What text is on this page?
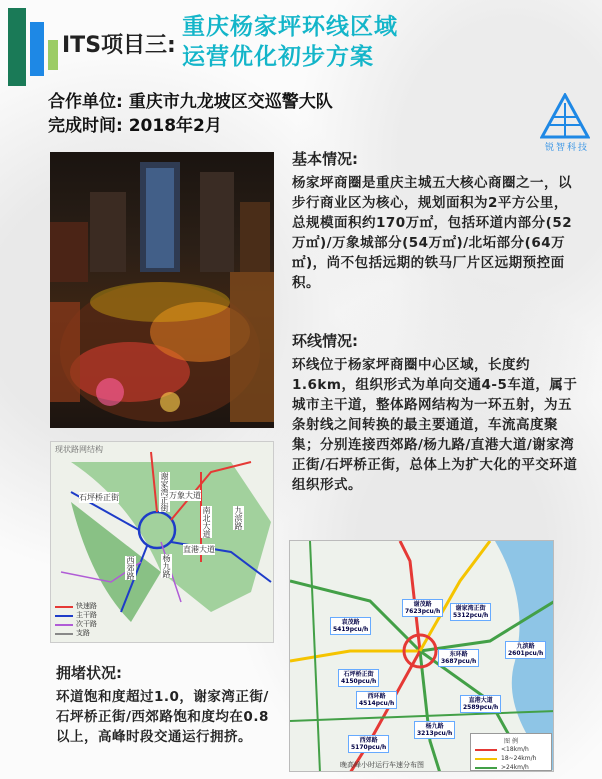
ITS项目三:
重庆杨家坪环线区域
运营优化初步方案
合作单位: 重庆市九龙坡区交巡警大队
完成时间: 2018年2月
锐智科技
现状路网结构
石坪桥正街	谢家湾正街 万象大道
南北大道	九滨路
直港大道
西郊路	杨九路
快速路
主干路
次干路
支路
基本情况:
杨家坪商圈是重庆主城五大核心商圈之一，以步行商业区为核心，规划面积为2平方公里，总规模面积约170万㎡，包括环道内部分(52万㎡)/万象城部分(54万㎡)/北坧部分(64万㎡)，尚不包括远期的铁马厂片区远期预控面积。
环线情况:
环线位于杨家坪商圈中心区域，长度约1.6km，组织形式为单向交通4-5车道，属于城市主干道，整体路网结构为一环五射，为五条射线之间转换的最主要通道，车流高度聚集；分别连接西郊路/杨九路/直港大道/谢家湾正街/石坪桥正街，总体上为扩大化的平交环道组织形式。
拥堵状况:
环道饱和度超过1.0，谢家湾正街/石坪桥正街/西郊路饱和度均在0.8以上，高峰时段交通运行拥挤。
袁茂路
5419pcu/h
谢茂路
7623pcu/h	谢家湾正街
5312pcu/h
东环路
3687pcu/h
九滨路
2601pcu/h
石坪桥正街
4150pcu/h
西环路
4514pcu/h	直港大道
2589pcu/h
杨九路
3213pcu/h
西郊路
5170pcu/h
图 例
<18km/h
18~24km/h
>24km/h
晚高峰小时运行车速分布图
